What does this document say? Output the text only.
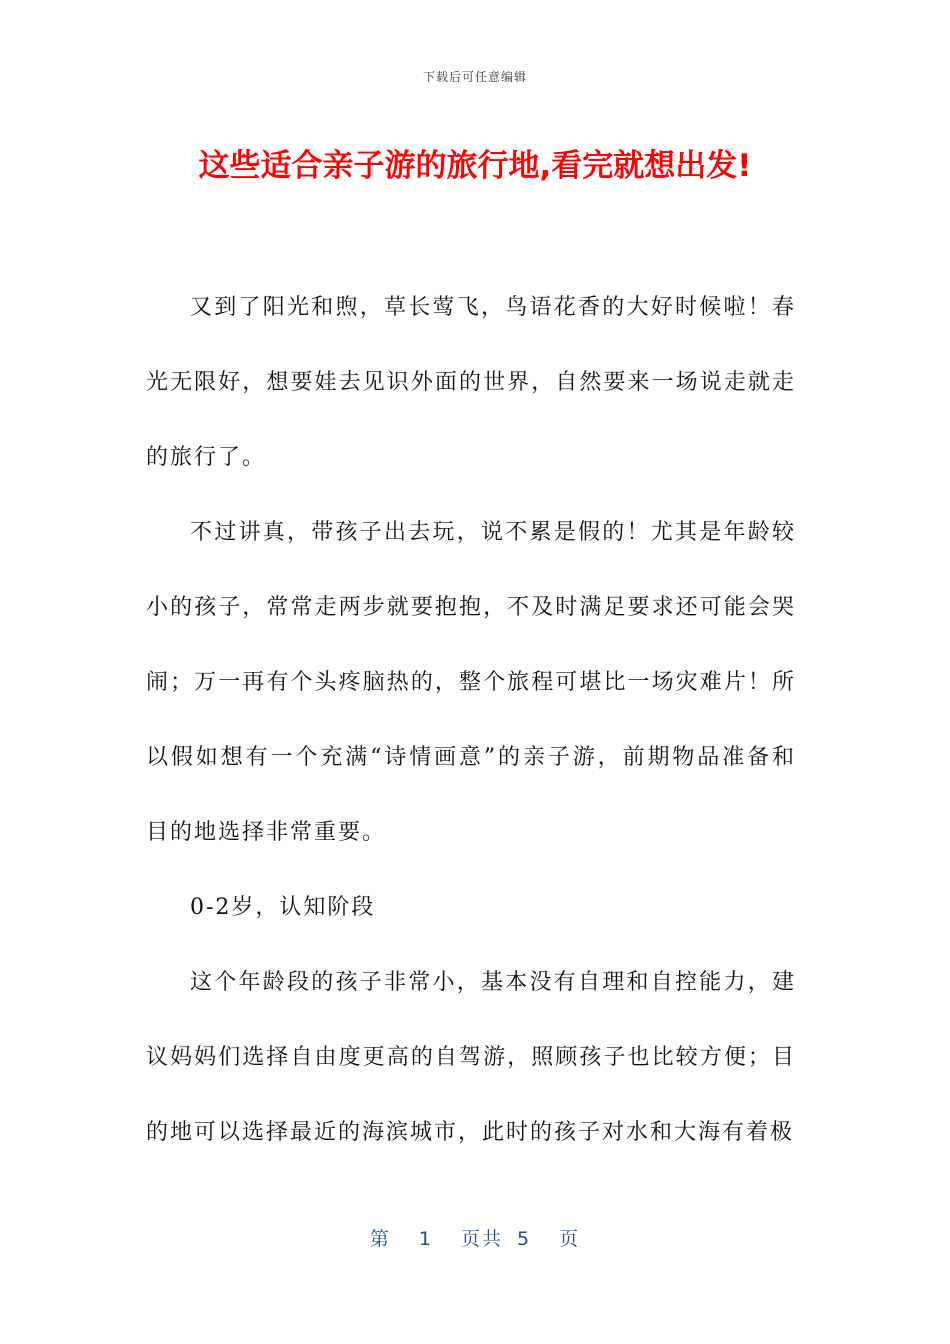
下载后可任意编辑
这些适合亲子游的旅行地,看完就想出发!

又到了阳光和煦，草长莺飞，鸟语花香的大好时候啦！春光无限好，想要娃去见识外面的世界，自然要来一场说走就走的旅行了。

不过讲真，带孩子出去玩，说不累是假的！尤其是年龄较小的孩子，常常走两步就要抱抱，不及时满足要求还可能会哭闹；万一再有个头疼脑热的，整个旅程可堪比一场灾难片！所以假如想有一个充满“诗情画意”的亲子游，前期物品准备和目的地选择非常重要。

0-2岁，认知阶段

这个年龄段的孩子非常小，基本没有自理和自控能力，建议妈妈们选择自由度更高的自驾游，照顾孩子也比较方便；目的地可以选择最近的海滨城市，此时的孩子对水和大海有着极

第 1 页共 5 页
